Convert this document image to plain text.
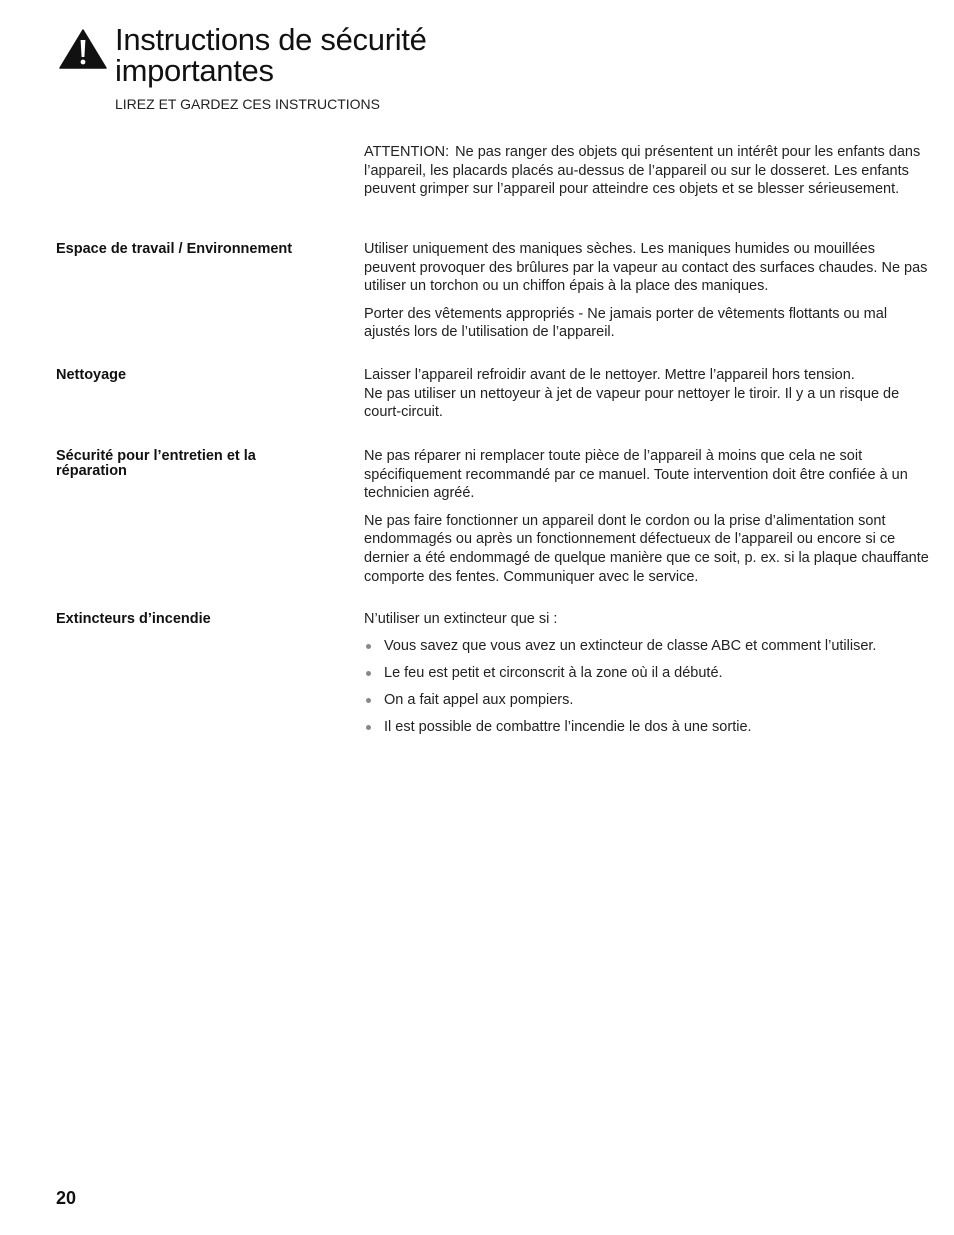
Instructions de sécurité
importantes
LIREZ ET GARDEZ CES INSTRUCTIONS

ATTENTION: Ne pas ranger des objets qui présentent un intérêt pour les enfants dans l’appareil, les placards placés au-dessus de l’appareil ou sur le dosseret. Les enfants peuvent grimper sur l’appareil pour atteindre ces objets et se blesser sérieusement.

Espace de travail / Environnement	Utiliser uniquement des maniques sèches. Les maniques humides ou mouillées peuvent provoquer des brûlures par la vapeur au contact des surfaces chaudes. Ne pas utiliser un torchon ou un chiffon épais à la place des maniques.

Porter des vêtements appropriés - Ne jamais porter de vêtements flottants ou mal ajustés lors de l’utilisation de l’appareil.

Nettoyage	Laisser l’appareil refroidir avant de le nettoyer. Mettre l’appareil hors tension.

Ne pas utiliser un nettoyeur à jet de vapeur pour nettoyer le tiroir. Il y a un risque de court-circuit.

Sécurité pour l’entretien et la réparation

Ne pas réparer ni remplacer toute pièce de l’appareil à moins que cela ne soit spécifiquement recommandé par ce manuel. Toute intervention doit être confiée à un technicien agréé.

Ne pas faire fonctionner un appareil dont le cordon ou la prise d’alimentation sont endommagés ou après un fonctionnement défectueux de l’appareil ou encore si ce dernier a été endommagé de quelque manière que ce soit, p. ex. si la plaque chauffante comporte des fentes. Communiquer avec le service.

Extincteurs d’incendie	N’utiliser un extincteur que si :

Vous savez que vous avez un extincteur de classe ABC et comment l’utiliser.
Le feu est petit et circonscrit à la zone où il a débuté.
On a fait appel aux pompiers.
Il est possible de combattre l’incendie le dos à une sortie.
20
